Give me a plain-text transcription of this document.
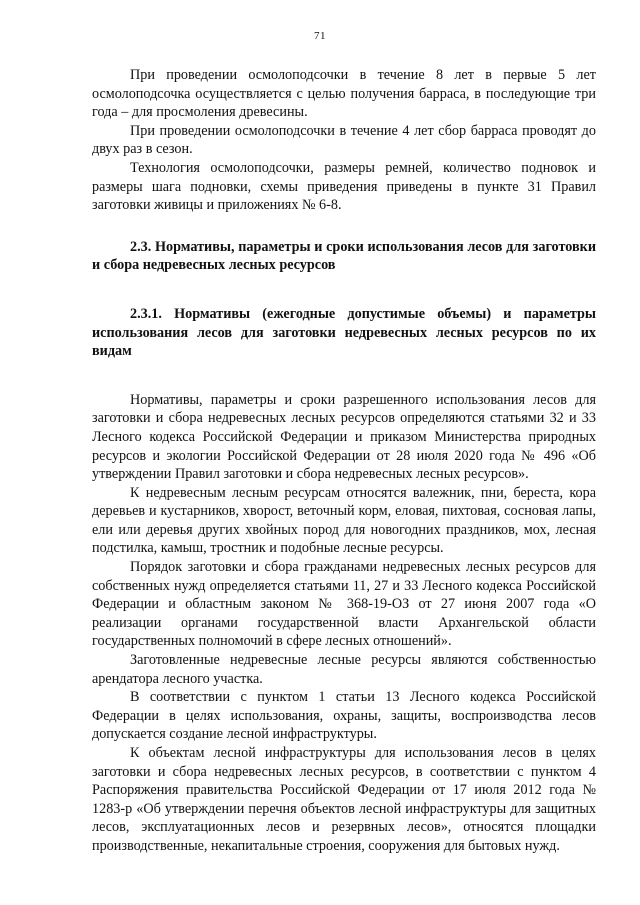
71

При проведении осмолоподсочки в течение 8 лет в первые 5 лет осмолоподсочка осуществляется с целью получения барраса, в последующие три года – для просмоления древесины.

При проведении осмолоподсочки в течение 4 лет сбор барраса проводят до двух раз в сезон.

Технология осмолоподсочки, размеры ремней, количество подновок и размеры шага подновки, схемы приведения приведены в пункте 31 Правил заготовки живицы и приложениях № 6-8.

2.3. Нормативы, параметры и сроки использования лесов для заготовки и сбора недревесных лесных ресурсов

2.3.1. Нормативы (ежегодные допустимые объемы) и параметры использования лесов для заготовки недревесных лесных ресурсов по их видам

Нормативы, параметры и сроки разрешенного использования лесов для заготовки и сбора недревесных лесных ресурсов определяются статьями 32 и 33 Лесного кодекса Российской Федерации и приказом Министерства природных ресурсов и экологии Российской Федерации от 28 июля 2020 года № 496 «Об утверждении Правил заготовки и сбора недревесных лесных ресурсов».

К недревесным лесным ресурсам относятся валежник, пни, береста, кора деревьев и кустарников, хворост, веточный корм, еловая, пихтовая, сосновая лапы, ели или деревья других хвойных пород для новогодних праздников, мох, лесная подстилка, камыш, тростник и подобные лесные ресурсы.

Порядок заготовки и сбора гражданами недревесных лесных ресурсов для собственных нужд определяется статьями 11, 27 и 33 Лесного кодекса Российской Федерации и областным законом № 368-19-ОЗ от 27 июня 2007 года «О реализации органами государственной власти Архангельской области государственных полномочий в сфере лесных отношений».

Заготовленные недревесные лесные ресурсы являются собственностью арендатора лесного участка.

В соответствии с пунктом 1 статьи 13 Лесного кодекса Российской Федерации в целях использования, охраны, защиты, воспроизводства лесов допускается создание лесной инфраструктуры.

К объектам лесной инфраструктуры для использования лесов в целях заготовки и сбора недревесных лесных ресурсов, в соответствии с пунктом 4 Распоряжения правительства Российской Федерации от 17 июля 2012 года № 1283-р «Об утверждении перечня объектов лесной инфраструктуры для защитных лесов, эксплуатационных лесов и резервных лесов», относятся площадки производственные, некапитальные строения, сооружения для бытовых нужд.
